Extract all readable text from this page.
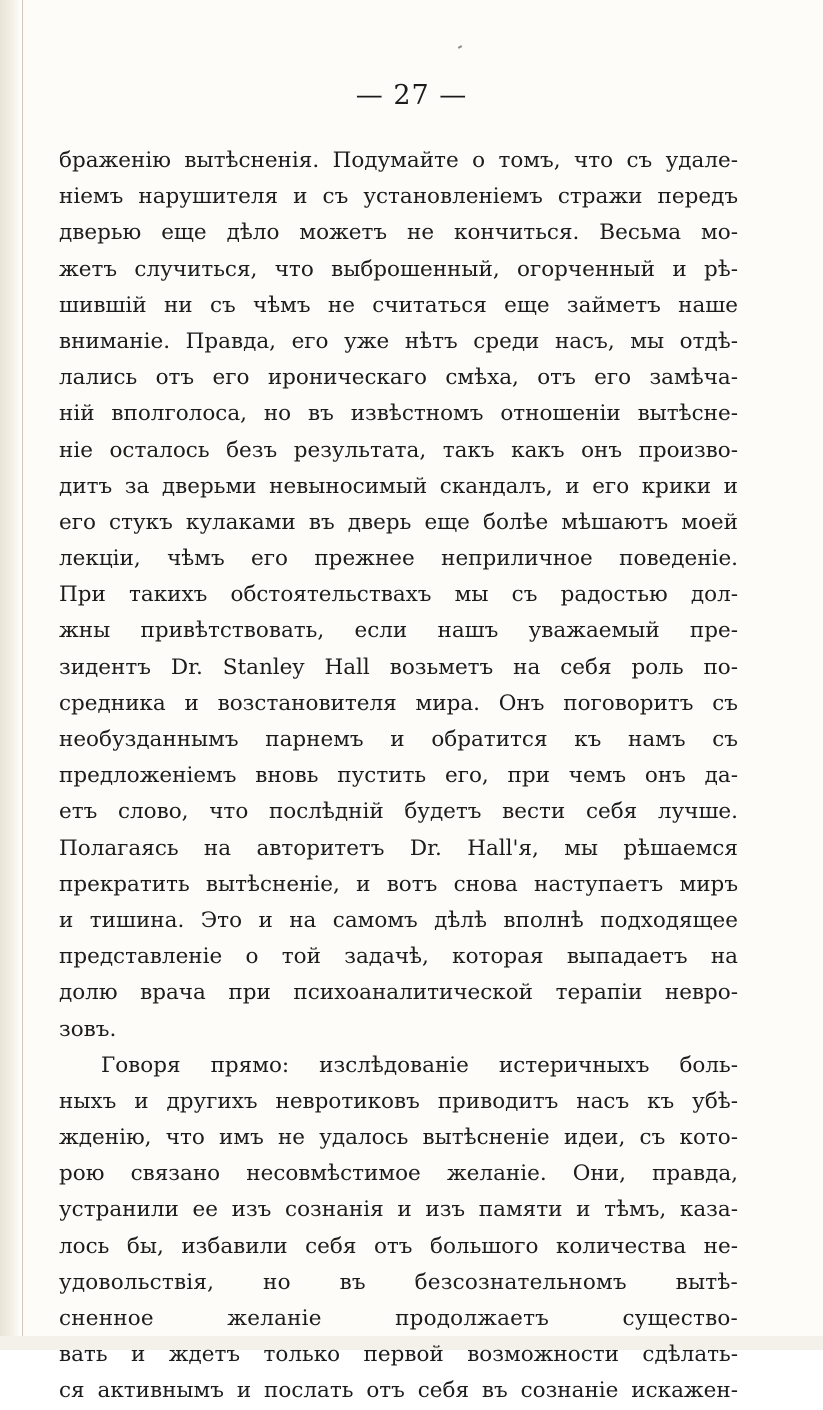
— 27 —
браженію вытѣсненія. Подумайте о томъ, что съ удале-
ніемъ нарушителя и съ установленіемъ стражи передъ
дверью еще дѣло можетъ не кончиться. Весьма мо-
жетъ случиться, что выброшенный, огорченный и рѣ-
шившій ни съ чѣмъ не считаться еще займетъ наше
вниманіе. Правда, его уже нѣтъ среди насъ, мы отдѣ-
лались отъ его ироническаго смѣха, отъ его замѣча-
ній вполголоса, но въ извѣстномъ отношеніи вытѣсне-
ніе осталось безъ результата, такъ какъ онъ произво-
дитъ за дверьми невыносимый скандалъ, и его крики и
его стукъ кулаками въ дверь еще болѣе мѣшаютъ моей
лекціи, чѣмъ его прежнее неприличное поведеніе.
При такихъ обстоятельствахъ мы съ радостью дол-
жны привѣтствовать, если нашъ уважаемый пре-
зидентъ Dr. Stanley Hall возьметъ на себя роль по-
средника и возстановителя мира. Онъ поговоритъ съ
необузданнымъ парнемъ и обратится къ намъ съ
предложеніемъ вновь пустить его, при чемъ онъ да-
етъ слово, что послѣдній будетъ вести себя лучше.
Полагаясь на авторитетъ Dr. Hall'я, мы рѣшаемся
прекратить вытѣсненіе, и вотъ снова наступаетъ миръ
и тишина. Это и на самомъ дѣлѣ вполнѣ подходящее
представленіе о той задачѣ, которая выпадаетъ на
долю врача при психоаналитической терапіи невро-
зовъ.
Говоря прямо: изслѣдованіе истеричныхъ боль-
ныхъ и другихъ невротиковъ приводитъ насъ къ убѣ-
жденію, что имъ не удалось вытѣсненіе идеи, съ кото-
рою связано несовмѣстимое желаніе. Они, правда,
устранили ее изъ сознанія и изъ памяти и тѣмъ, каза-
лось бы, избавили себя отъ большого количества не-
удовольствія, но въ безсознательномъ вытѣ-
сненное желаніе продолжаетъ существо-
вать и ждетъ только первой возможности сдѣлать-
ся активнымъ и послать отъ себя въ сознаніе искажен-
